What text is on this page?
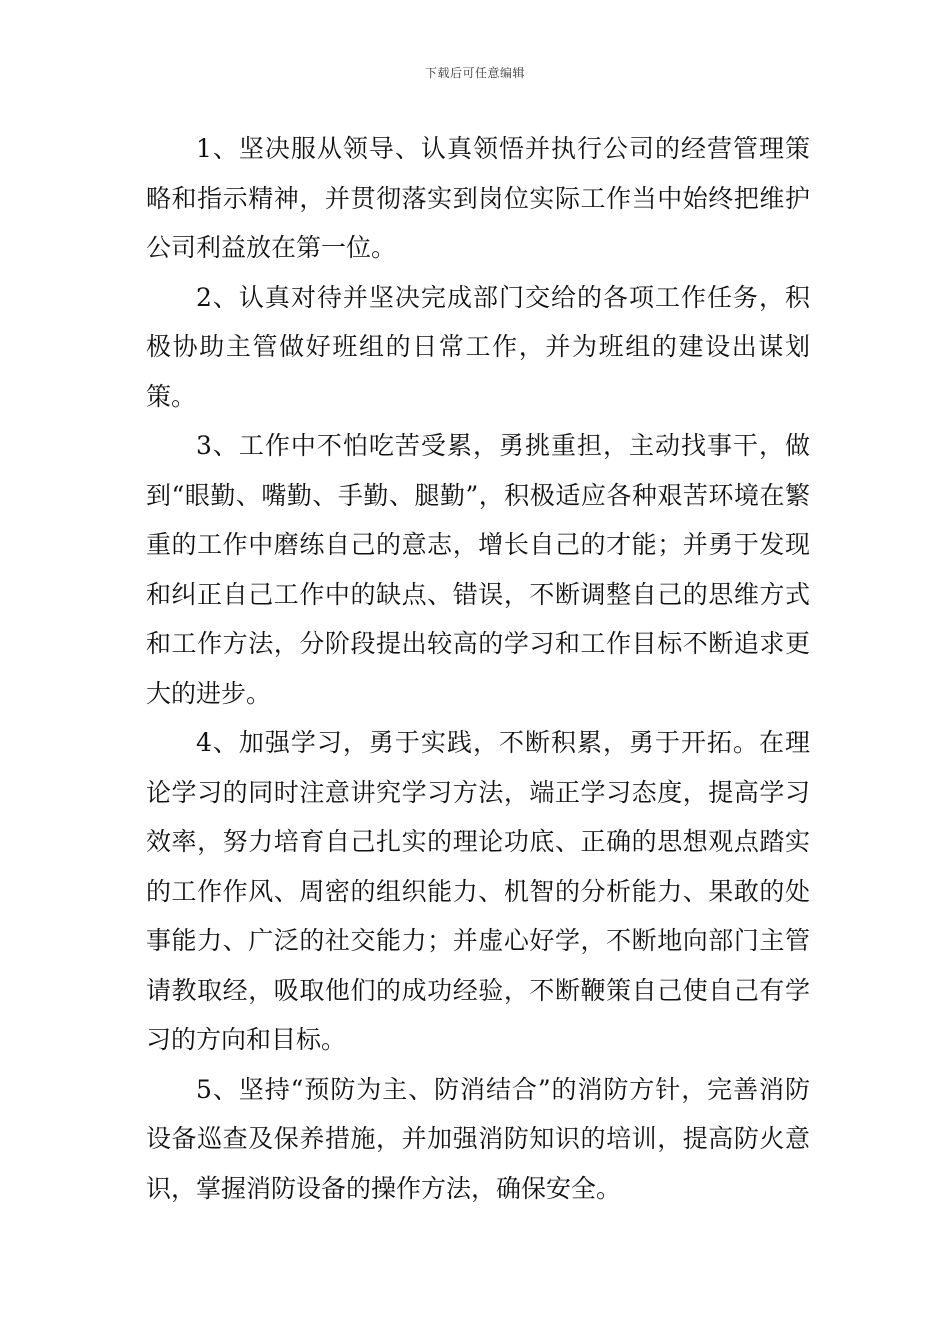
下载后可任意编辑

1、坚决服从领导、认真领悟并执行公司的经营管理策略和指示精神，并贯彻落实到岗位实际工作当中始终把维护公司利益放在第一位。

2、认真对待并坚决完成部门交给的各项工作任务，积极协助主管做好班组的日常工作，并为班组的建设出谋划策。

3、工作中不怕吃苦受累，勇挑重担，主动找事干，做到“眼勤、嘴勤、手勤、腿勤”，积极适应各种艰苦环境在繁重的工作中磨练自己的意志，增长自己的才能；并勇于发现和纠正自己工作中的缺点、错误，不断调整自己的思维方式和工作方法，分阶段提出较高的学习和工作目标不断追求更大的进步。

4、加强学习，勇于实践，不断积累，勇于开拓。在理论学习的同时注意讲究学习方法，端正学习态度，提高学习效率，努力培育自己扎实的理论功底、正确的思想观点踏实的工作作风、周密的组织能力、机智的分析能力、果敢的处事能力、广泛的社交能力；并虚心好学，不断地向部门主管请教取经，吸取他们的成功经验，不断鞭策自己使自己有学习的方向和目标。

5、坚持“预防为主、防消结合”的消防方针，完善消防设备巡查及保养措施，并加强消防知识的培训，提高防火意识，掌握消防设备的操作方法，确保安全。
